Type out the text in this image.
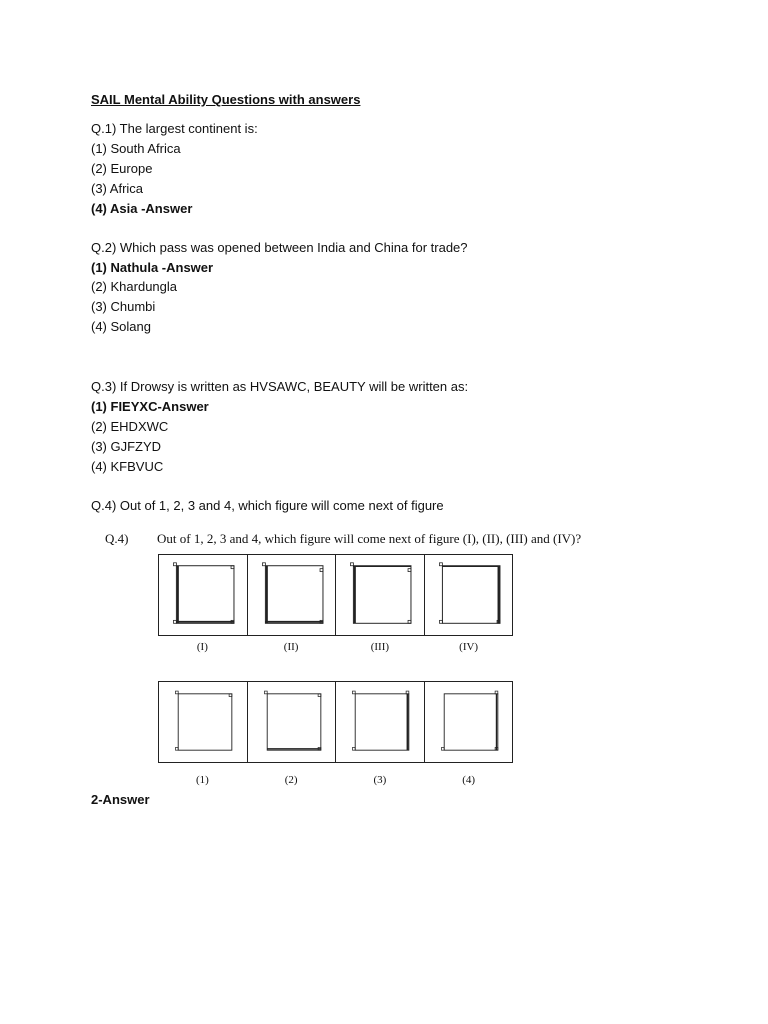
SAIL Mental Ability Questions with answers
Q.1) The largest continent is:
(1) South Africa
(2) Europe
(3) Africa
(4) Asia -Answer
Q.2) Which pass was opened between India and China for trade?
(1) Nathula -Answer
(2) Khardungla
(3) Chumbi
(4) Solang
Q.3) If Drowsy is written as HVSAWC, BEAUTY will be written as:
(1) FIEYXC-Answer
(2) EHDXWC
(3) GJFZYD
(4) KFBVUC
Q.4) Out of 1, 2, 3 and 4, which figure will come next of figure
Q.4) Out of 1, 2, 3 and 4, which figure will come next of figure (I), (II), (III) and (IV)?
(I)	(II)	(III)	(IV)
(1)	(2)	(3)	(4)
2-Answer
